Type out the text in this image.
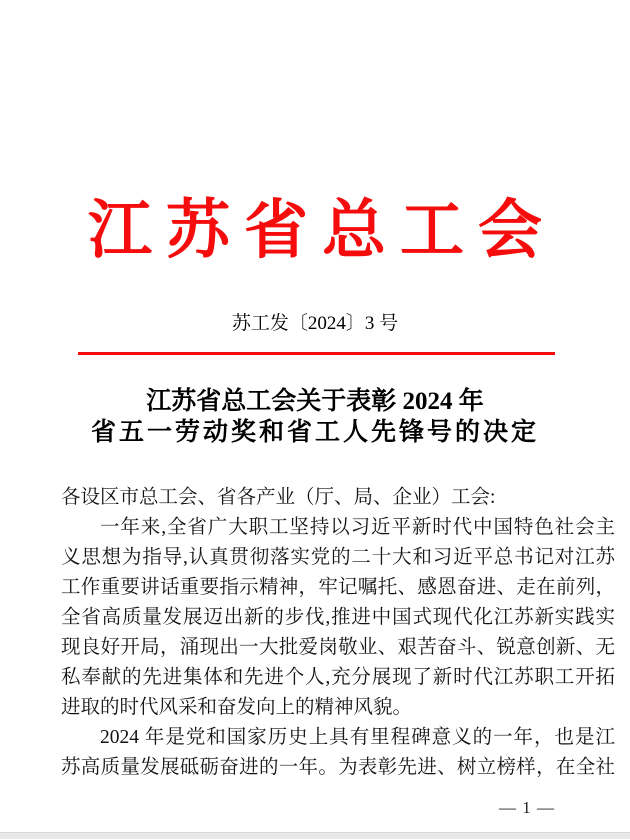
江苏省总工会
苏工发〔2024〕3 号
江苏省总工会关于表彰 2024 年
省五一劳动奖和省工人先锋号的决定
各设区市总工会、省各产业（厅、局、企业）工会:
一年来,全省广大职工坚持以习近平新时代中国特色社会主
义思想为指导,认真贯彻落实党的二十大和习近平总书记对江苏
工作重要讲话重要指示精神，牢记嘱托、感恩奋进、走在前列，
全省高质量发展迈出新的步伐,推进中国式现代化江苏新实践实
现良好开局，涌现出一大批爱岗敬业、艰苦奋斗、锐意创新、无
私奉献的先进集体和先进个人,充分展现了新时代江苏职工开拓
进取的时代风采和奋发向上的精神风貌。
2024 年是党和国家历史上具有里程碑意义的一年，也是江
苏高质量发展砥砺奋进的一年。为表彰先进、树立榜样，在全社
— 1 —
